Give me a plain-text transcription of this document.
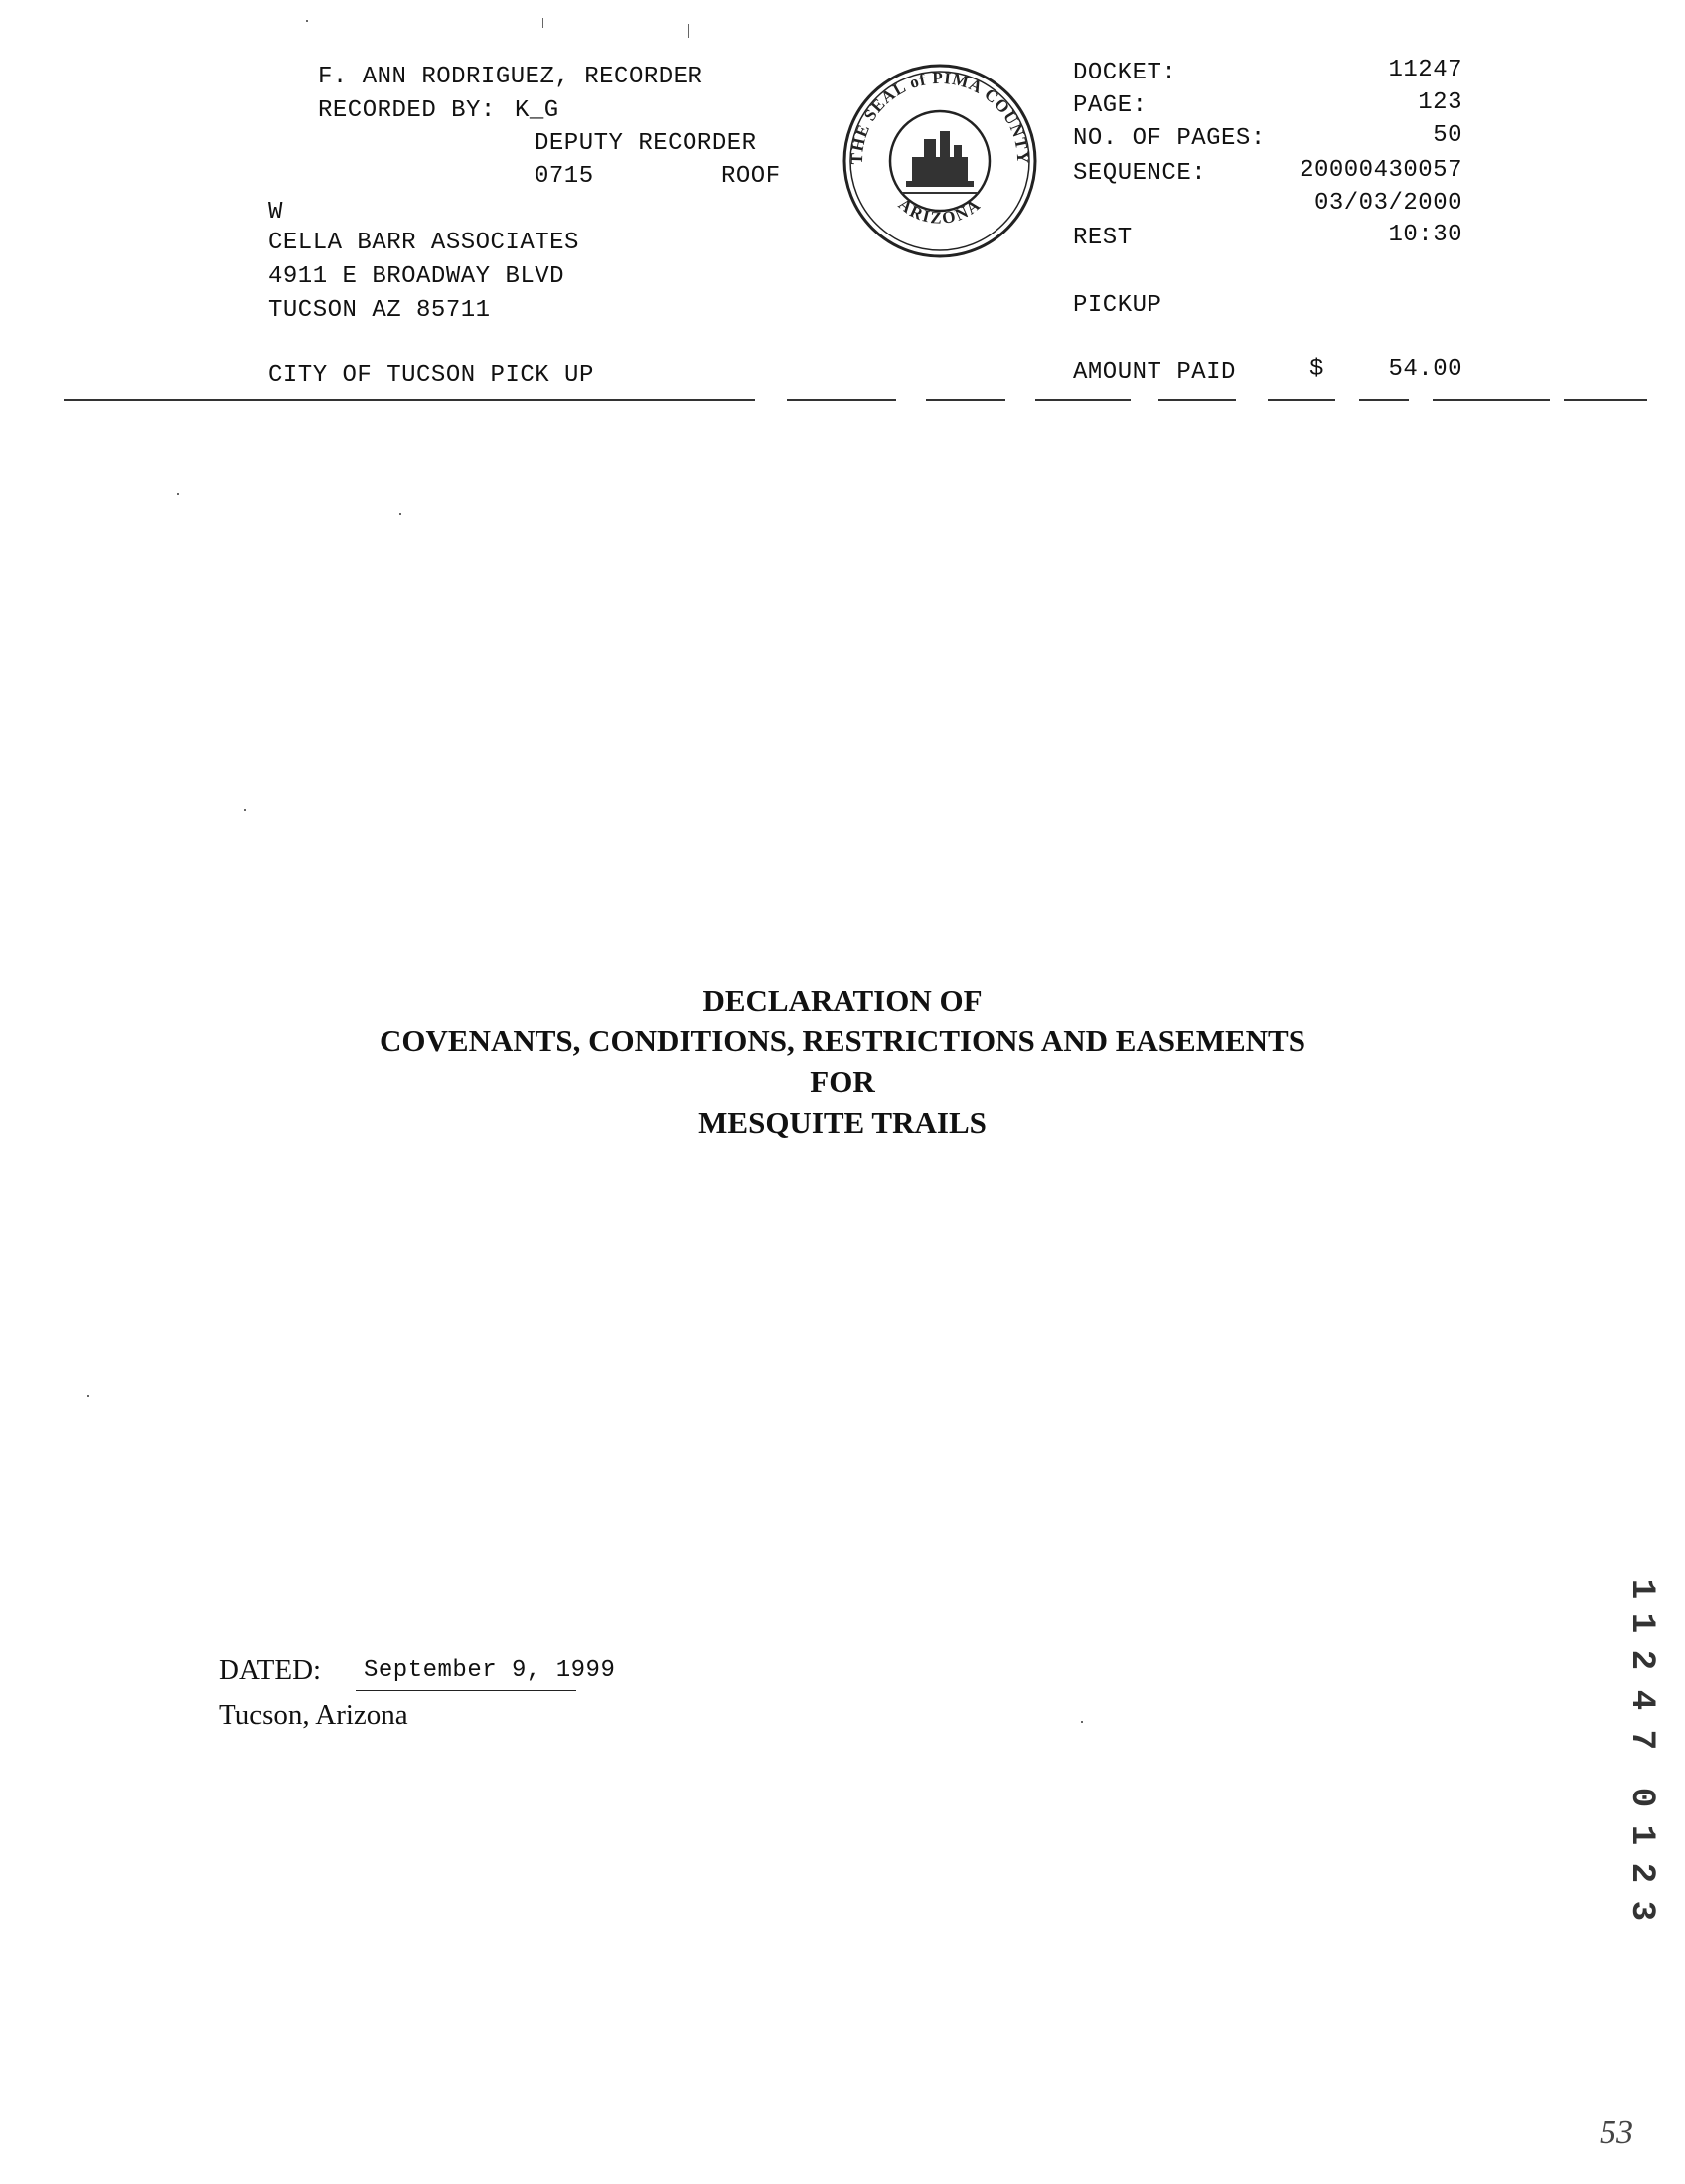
F. ANN RODRIGUEZ, RECORDER
RECORDED BY: K_G
DEPUTY RECORDER
0715	ROOF
W
CELLA BARR ASSOCIATES
4911 E BROADWAY BLVD
TUCSON AZ 85711
CITY OF TUCSON PICK UP
THE SEAL of PIMA COUNTY
ARIZONA
DOCKET:	11247
PAGE:	123
NO. OF PAGES:	50
SEQUENCE:	20000430057
03/03/2000
REST	10:30
PICKUP
AMOUNT PAID	$	54.00
DECLARATION OF
COVENANTS, CONDITIONS, RESTRICTIONS AND EASEMENTS
FOR
MESQUITE TRAILS
DATED: September 9, 1999
Tucson, Arizona
1
1
2
4
7
0
1
2
3
53
